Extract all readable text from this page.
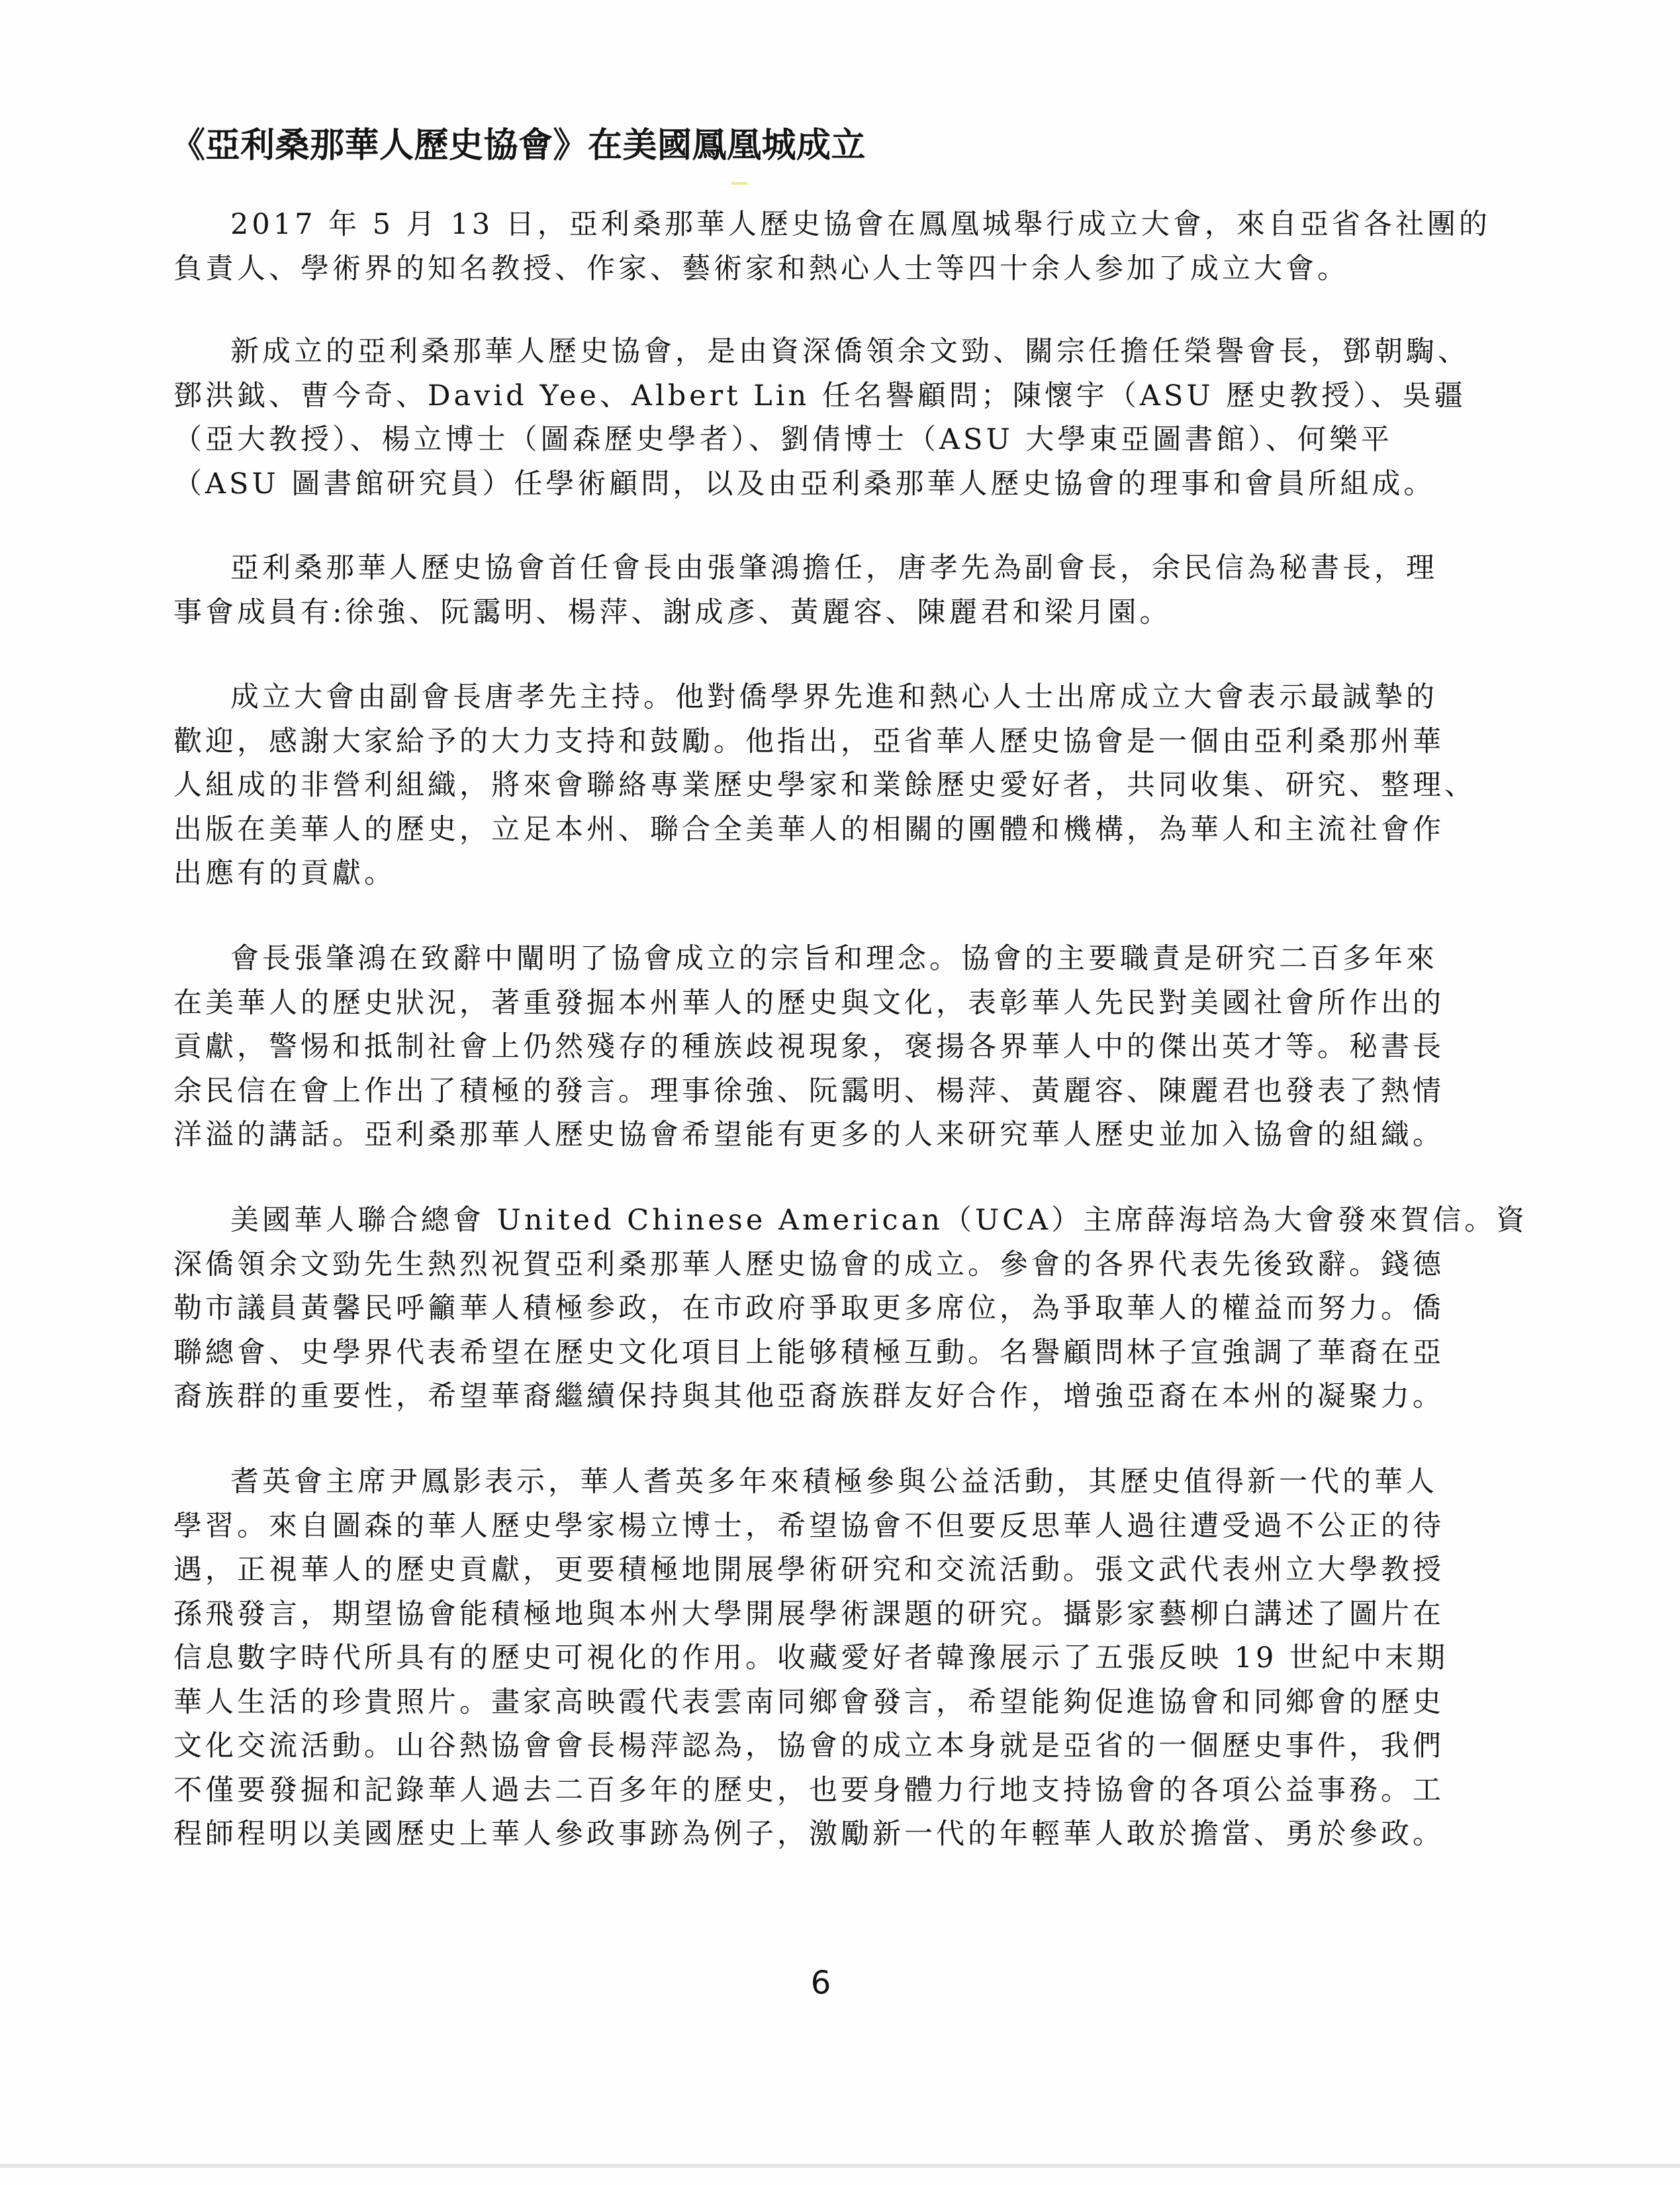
《亞利桑那華人歷史協會》在美國鳳凰城成立

2017 年 5 月 13 日，亞利桑那華人歷史協會在鳳凰城舉行成立大會，來自亞省各社團的
負責人、學術界的知名教授、作家、藝術家和熱心人士等四十余人参加了成立大會。

新成立的亞利桑那華人歷史協會，是由資深僑領余文勁、關宗任擔任榮譽會長，鄧朝騊、
鄧洪鉞、曹今奇、David Yee、Albert Lin 任名譽顧問；陳懷宇（ASU 歷史教授）、吳疆
（亞大教授）、楊立博士（圖森歷史學者）、劉倩博士（ASU 大學東亞圖書館）、何樂平
（ASU 圖書館研究員）任學術顧問，以及由亞利桑那華人歷史協會的理事和會員所組成。

亞利桑那華人歷史協會首任會長由張肇鴻擔任，唐孝先為副會長，余民信為秘書長，理
事會成員有:徐強、阮靄明、楊萍、謝成彥、黃麗容、陳麗君和梁月園。

成立大會由副會長唐孝先主持。他對僑學界先進和熱心人士出席成立大會表示最誠摯的
歡迎，感謝大家給予的大力支持和鼓勵。他指出，亞省華人歷史協會是一個由亞利桑那州華
人組成的非營利組織，將來會聯絡專業歷史學家和業餘歷史愛好者，共同收集、研究、整理、
出版在美華人的歷史，立足本州、聯合全美華人的相關的團體和機構，為華人和主流社會作
出應有的貢獻。

會長張肇鴻在致辭中闡明了協會成立的宗旨和理念。協會的主要職責是研究二百多年來
在美華人的歷史狀況，著重發掘本州華人的歷史與文化，表彰華人先民對美國社會所作出的
貢獻，警惕和抵制社會上仍然殘存的種族歧視現象，褒揚各界華人中的傑出英才等。秘書長
余民信在會上作出了積極的發言。理事徐強、阮靄明、楊萍、黃麗容、陳麗君也發表了熱情
洋溢的講話。亞利桑那華人歷史協會希望能有更多的人来研究華人歷史並加入協會的組織。

美國華人聯合總會 United Chinese American（UCA）主席薛海培為大會發來賀信。資
深僑領余文勁先生熱烈祝賀亞利桑那華人歷史協會的成立。參會的各界代表先後致辭。錢德
勒市議員黃馨民呼籲華人積極参政，在市政府爭取更多席位，為爭取華人的權益而努力。僑
聯總會、史學界代表希望在歷史文化項目上能够積極互動。名譽顧問林子宣強調了華裔在亞
裔族群的重要性，希望華裔繼續保持與其他亞裔族群友好合作，增強亞裔在本州的凝聚力。

耆英會主席尹鳳影表示，華人耆英多年來積極參與公益活動，其歷史值得新一代的華人
學習。來自圖森的華人歷史學家楊立博士，希望協會不但要反思華人過往遭受過不公正的待
遇，正視華人的歷史貢獻，更要積極地開展學術研究和交流活動。張文武代表州立大學教授
孫飛發言，期望協會能積極地與本州大學開展學術課題的研究。攝影家藝柳白講述了圖片在
信息數字時代所具有的歷史可視化的作用。收藏愛好者韓豫展示了五張反映 19 世紀中末期
華人生活的珍貴照片。畫家高映霞代表雲南同鄉會發言，希望能夠促進協會和同鄉會的歷史
文化交流活動。山谷熱協會會長楊萍認為，協會的成立本身就是亞省的一個歷史事件，我們
不僅要發掘和記錄華人過去二百多年的歷史，也要身體力行地支持協會的各項公益事務。工
程師程明以美國歷史上華人參政事跡為例子，激勵新一代的年輕華人敢於擔當、勇於參政。

6
